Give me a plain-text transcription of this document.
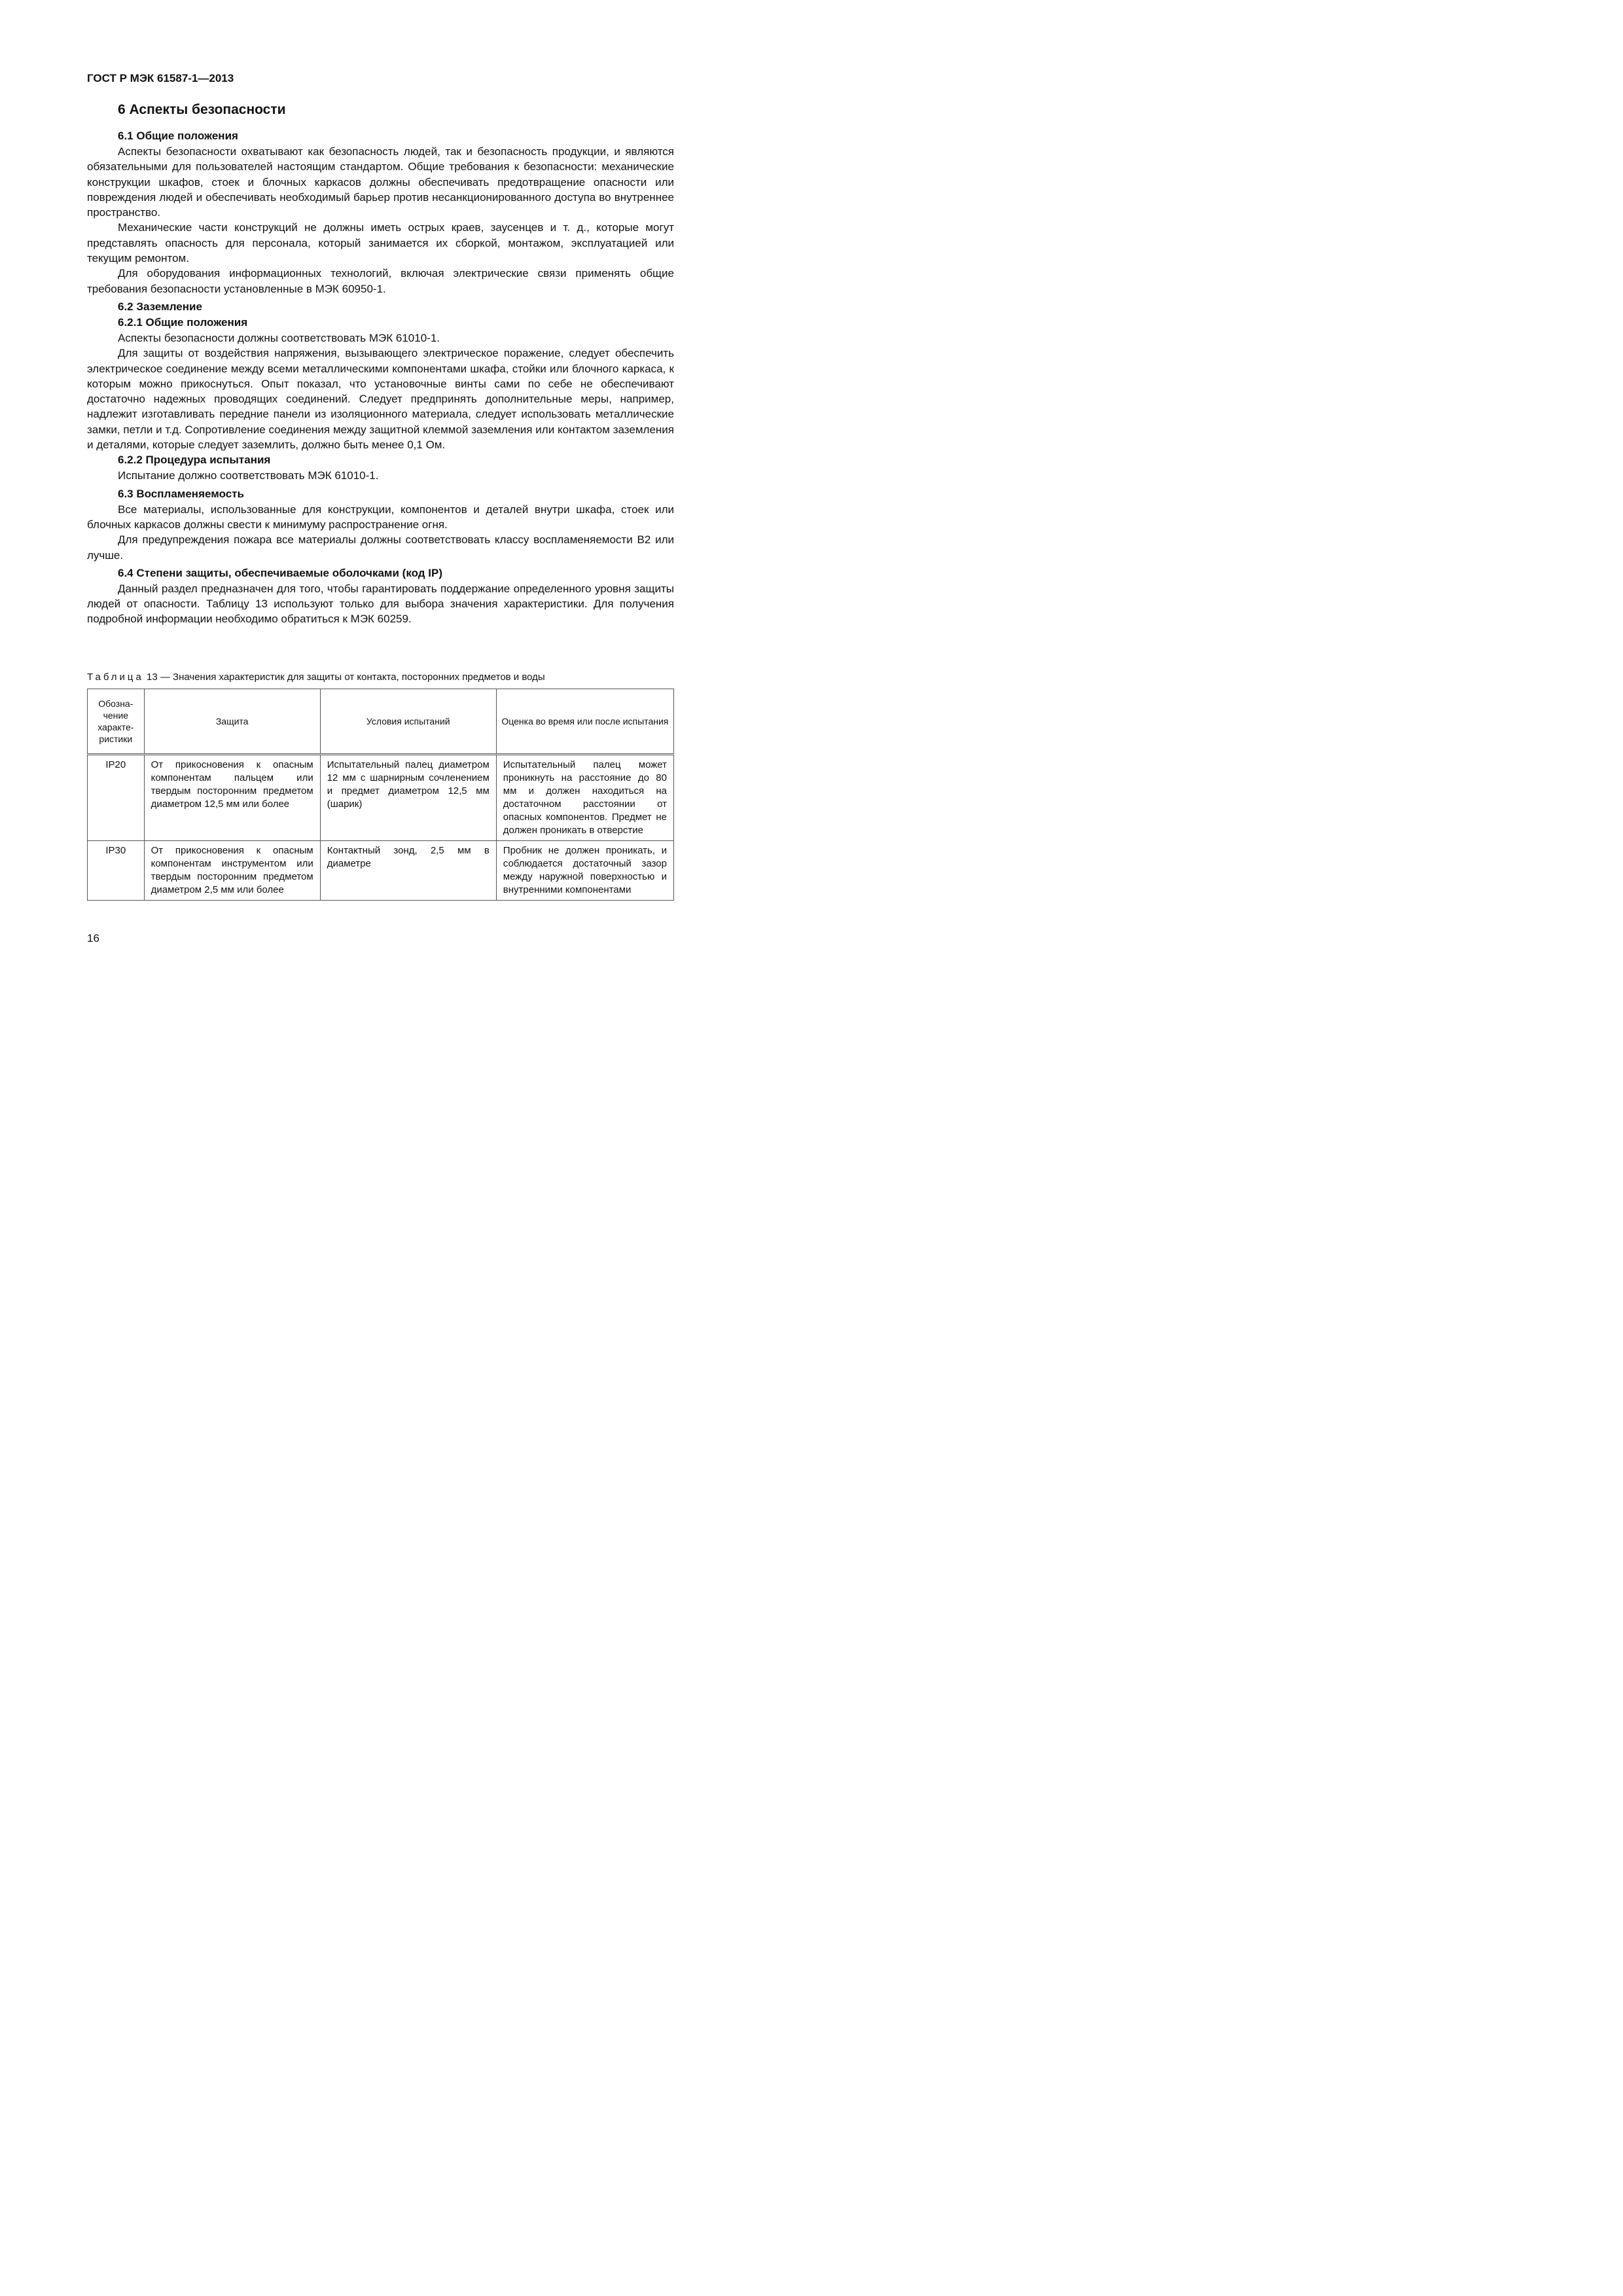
ГОСТ Р МЭК 61587-1—2013
6 Аспекты безопасности
6.1 Общие положения

Аспекты безопасности охватывают как безопасность людей, так и безопасность продукции, и являются обязательными для пользователей настоящим стандартом. Общие требования к безопасности: механические конструкции шкафов, стоек и блочных каркасов должны обеспечивать предотвращение опасности или повреждения людей и обеспечивать необходимый барьер против несанкционированного доступа во внутреннее пространство.

Механические части конструкций не должны иметь острых краев, заусенцев и т. д., которые могут представлять опасность для персонала, который занимается их сборкой, монтажом, эксплуатацией или текущим ремонтом.

Для оборудования информационных технологий, включая электрические связи применять общие требования безопасности установленные в МЭК 60950-1.

6.2 Заземление
6.2.1 Общие положения

Аспекты безопасности должны соответствовать МЭК 61010-1.

Для защиты от воздействия напряжения, вызывающего электрическое поражение, следует обеспечить электрическое соединение между всеми металлическими компонентами шкафа, стойки или блочного каркаса, к которым можно прикоснуться. Опыт показал, что установочные винты сами по себе не обеспечивают достаточно надежных проводящих соединений. Следует предпринять дополнительные меры, например, надлежит изготавливать передние панели из изоляционного материала, следует использовать металлические замки, петли и т.д. Сопротивление соединения между защитной клеммой заземления или контактом заземления и деталями, которые следует заземлить, должно быть менее 0,1 Ом.

6.2.2 Процедура испытания

Испытание должно соответствовать МЭК 61010-1.

6.3 Воспламеняемость

Все материалы, использованные для конструкции, компонентов и деталей внутри шкафа, стоек или блочных каркасов должны свести к минимуму распространение огня.

Для предупреждения пожара все материалы должны соответствовать классу воспламеняемости В2 или лучше.

6.4 Степени защиты, обеспечиваемые оболочками (код IP)

Данный раздел предназначен для того, чтобы гарантировать поддержание определенного уровня защиты людей от опасности. Таблицу 13 используют только для выбора значения характеристики. Для получения подробной информации необходимо обратиться к МЭК 60259.

Таблица 13 — Значения характеристик для защиты от контакта, посторонних предметов и воды
Обозна-чение характе-ристики	Защита	Условия испытаний	Оценка во время или после испытания
IP20	От прикосновения к опасным компонентам пальцем или твердым посторонним предметом диаметром 12,5 мм или более	Испытательный палец диаметром 12 мм с шарнирным сочленением и предмет диаметром 12,5 мм (шарик)	Испытательный палец может проникнуть на расстояние до 80 мм и должен находиться на достаточном расстоянии от опасных компонентов. Предмет не должен проникать в отверстие
IP30	От прикосновения к опасным компонентам инструментом или твердым посторонним предметом диаметром 2,5 мм или более	Контактный зонд, 2,5 мм в диаметре	Пробник не должен проникать, и соблюдается достаточный зазор между наружной поверхностью и внутренними компонентами
16
